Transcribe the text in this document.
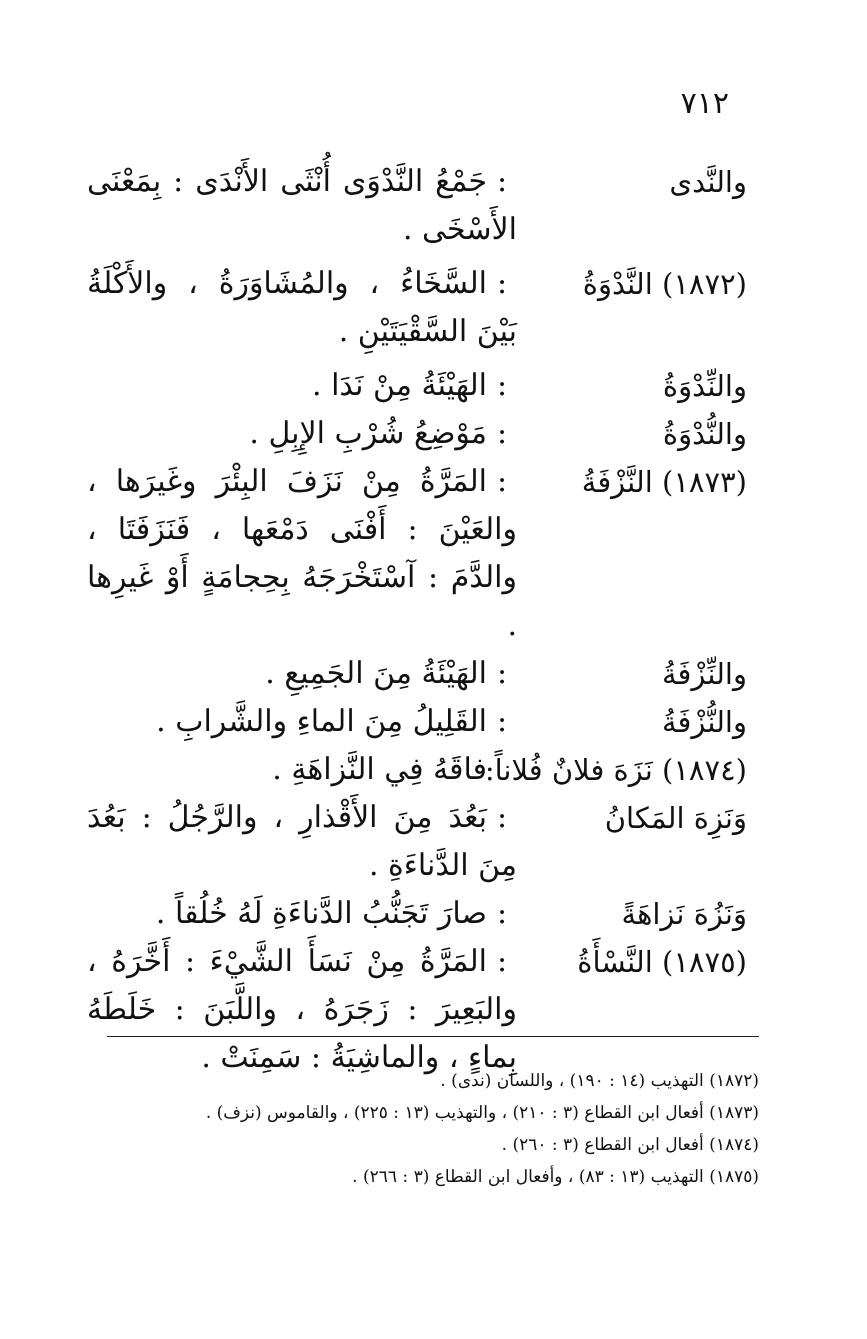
٧١٢
والنَّدى
:جَمْعُ النَّدْوَى أُنْثَى الأَنْدَى : بِمَعْنَى الأَسْخَى .
(١٨٧٢) النَّدْوَةُ
:السَّخَاءُ ، والمُشَاوَرَةُ ، والأَكْلَةُ بَيْنَ السَّقْيَتَيْنِ .
والنِّدْوَةُ
:الهَيْئَةُ مِنْ نَدَا .
والنُّدْوَةُ
:مَوْضِعُ شُرْبِ الإِبِلِ .
(١٨٧٣) النَّزْفَةُ
:المَرَّةُ مِنْ نَزَفَ البِئْرَ وغَيرَها ، والعَيْنَ : أَفْنَى دَمْعَها ، فَنَزَفَتَا ، والدَّمَ : آسْتَخْرَجَهُ بِحِجامَةٍ أَوْ غَيرِها .
والنِّزْفَةُ
:الهَيْئَةُ مِنَ الجَمِيعِ .
والنُّزْفَةُ
:القَلِيلُ مِنَ الماءِ والشَّرابِ .
(١٨٧٤) نَزَهَ فلانٌ فُلاناً:
فاقَهُ فِي النَّزاهَةِ .
وَنَزِهَ المَكانُ
:بَعُدَ مِنَ الأَقْذارِ ، والرَّجُلُ : بَعُدَ مِنَ الدَّناءَةِ .
وَنَزُهَ نَزاهَةً
:صارَ تَجَنُّبُ الدَّناءَةِ لَهُ خُلُقاً .
(١٨٧٥) النَّسْأَةُ
:المَرَّةُ مِنْ نَسَأَ الشَّيْءَ : أَخَّرَهُ ، والبَعِيرَ : زَجَرَهُ ، واللَّبَنَ : خَلَطَهُ بِماءٍ ، والماشِيَةُ : سَمِنَتْ .

(١٨٧٢) التهذيب (١٤ : ١٩٠) ، واللسان (ندى) .

(١٨٧٣) أفعال ابن القطاع (٣ : ٢١٠) ، والتهذيب (١٣ : ٢٢٥) ، والقاموس (نزف) .

(١٨٧٤) أفعال ابن القطاع (٣ : ٢٦٠) .

(١٨٧٥) التهذيب (١٣ : ٨٣) ، وأفعال ابن القطاع (٣ : ٢٦٦) .
